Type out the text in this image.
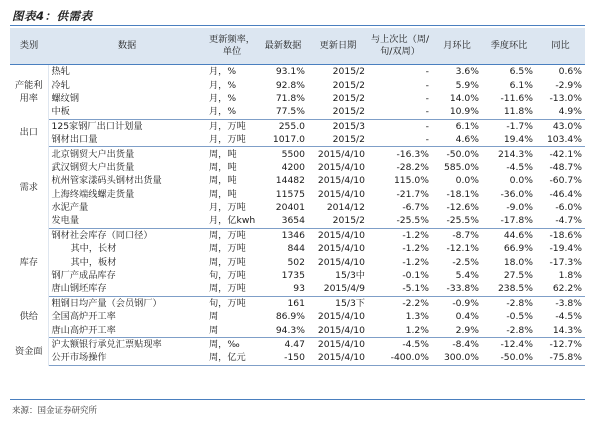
图表4：供需表
类别	数据	更新频率，单位	最新数据	更新日期	与上次比（周/旬/双周）	月环比	季度环比	同比
产能利用率	热轧	月，%	93.1%	2015/2	-	3.6%	6.5%	0.6%
	冷轧	月，%	92.8%	2015/2	-	5.9%	6.1%	-2.9%
	螺纹钢	月，%	71.8%	2015/2	-	14.0%	-11.6%	-13.0%
	中板	月，%	77.5%	2015/2	-	10.9%	11.8%	4.9%
出口	125家钢厂出口计划量	月，万吨	255.0	2015/3	-	6.1%	-1.7%	43.0%
	钢材出口量	月，万吨	1017.0	2015/2	-	4.6%	19.4%	103.4%
需求	北京钢贸大户出货量	周，吨	5500	2015/4/10	-16.3%	-50.0%	214.3%	-42.1%
	武汉钢贸大户出货量	周，吨	4200	2015/4/10	-28.2%	585.0%	-4.5%	-48.7%
	杭州管家漾码头钢材出货量	周，吨	14482	2015/4/10	115.0%	0.0%	0.0%	-60.7%
	上海终端线螺走货量	周，吨	11575	2015/4/10	-21.7%	-18.1%	-36.0%	-46.4%
	水泥产量	月，万吨	20401	2014/12	-6.7%	-12.6%	-9.0%	-6.0%
	发电量	月，亿kwh	3654	2015/2	-25.5%	-25.5%	-17.8%	-4.7%
库存	钢材社会库存（同口径）	周，万吨	1346	2015/4/10	-1.2%	-8.7%	44.6%	-18.6%
	其中，长材	周，万吨	844	2015/4/10	-1.2%	-12.1%	66.9%	-19.4%
	其中，板材	周，万吨	502	2015/4/10	-1.2%	-2.5%	18.0%	-17.3%
	钢厂产成品库存	旬，万吨	1735	15/3中	-0.1%	5.4%	27.5%	1.8%
	唐山钢坯库存	周，万吨	93	2015/4/9	-5.1%	-33.8%	238.5%	62.2%
供给	粗钢日均产量（会员钢厂）	旬，万吨	161	15/3下	-2.2%	-0.9%	-2.8%	-3.8%
	全国高炉开工率	周	86.9%	2015/4/10	1.3%	0.4%	-0.5%	-4.5%
	唐山高炉开工率	周	94.3%	2015/4/10	1.2%	2.9%	-2.8%	14.3%
资金面	沪太额银行承兑汇票贴现率	周，‰	4.47	2015/4/10	-4.5%	-8.4%	-12.4%	-12.7%
	公开市场操作	周，亿元	-150	2015/4/10	-400.0%	300.0%	-50.0%	-75.8%
来源：国金证券研究所
